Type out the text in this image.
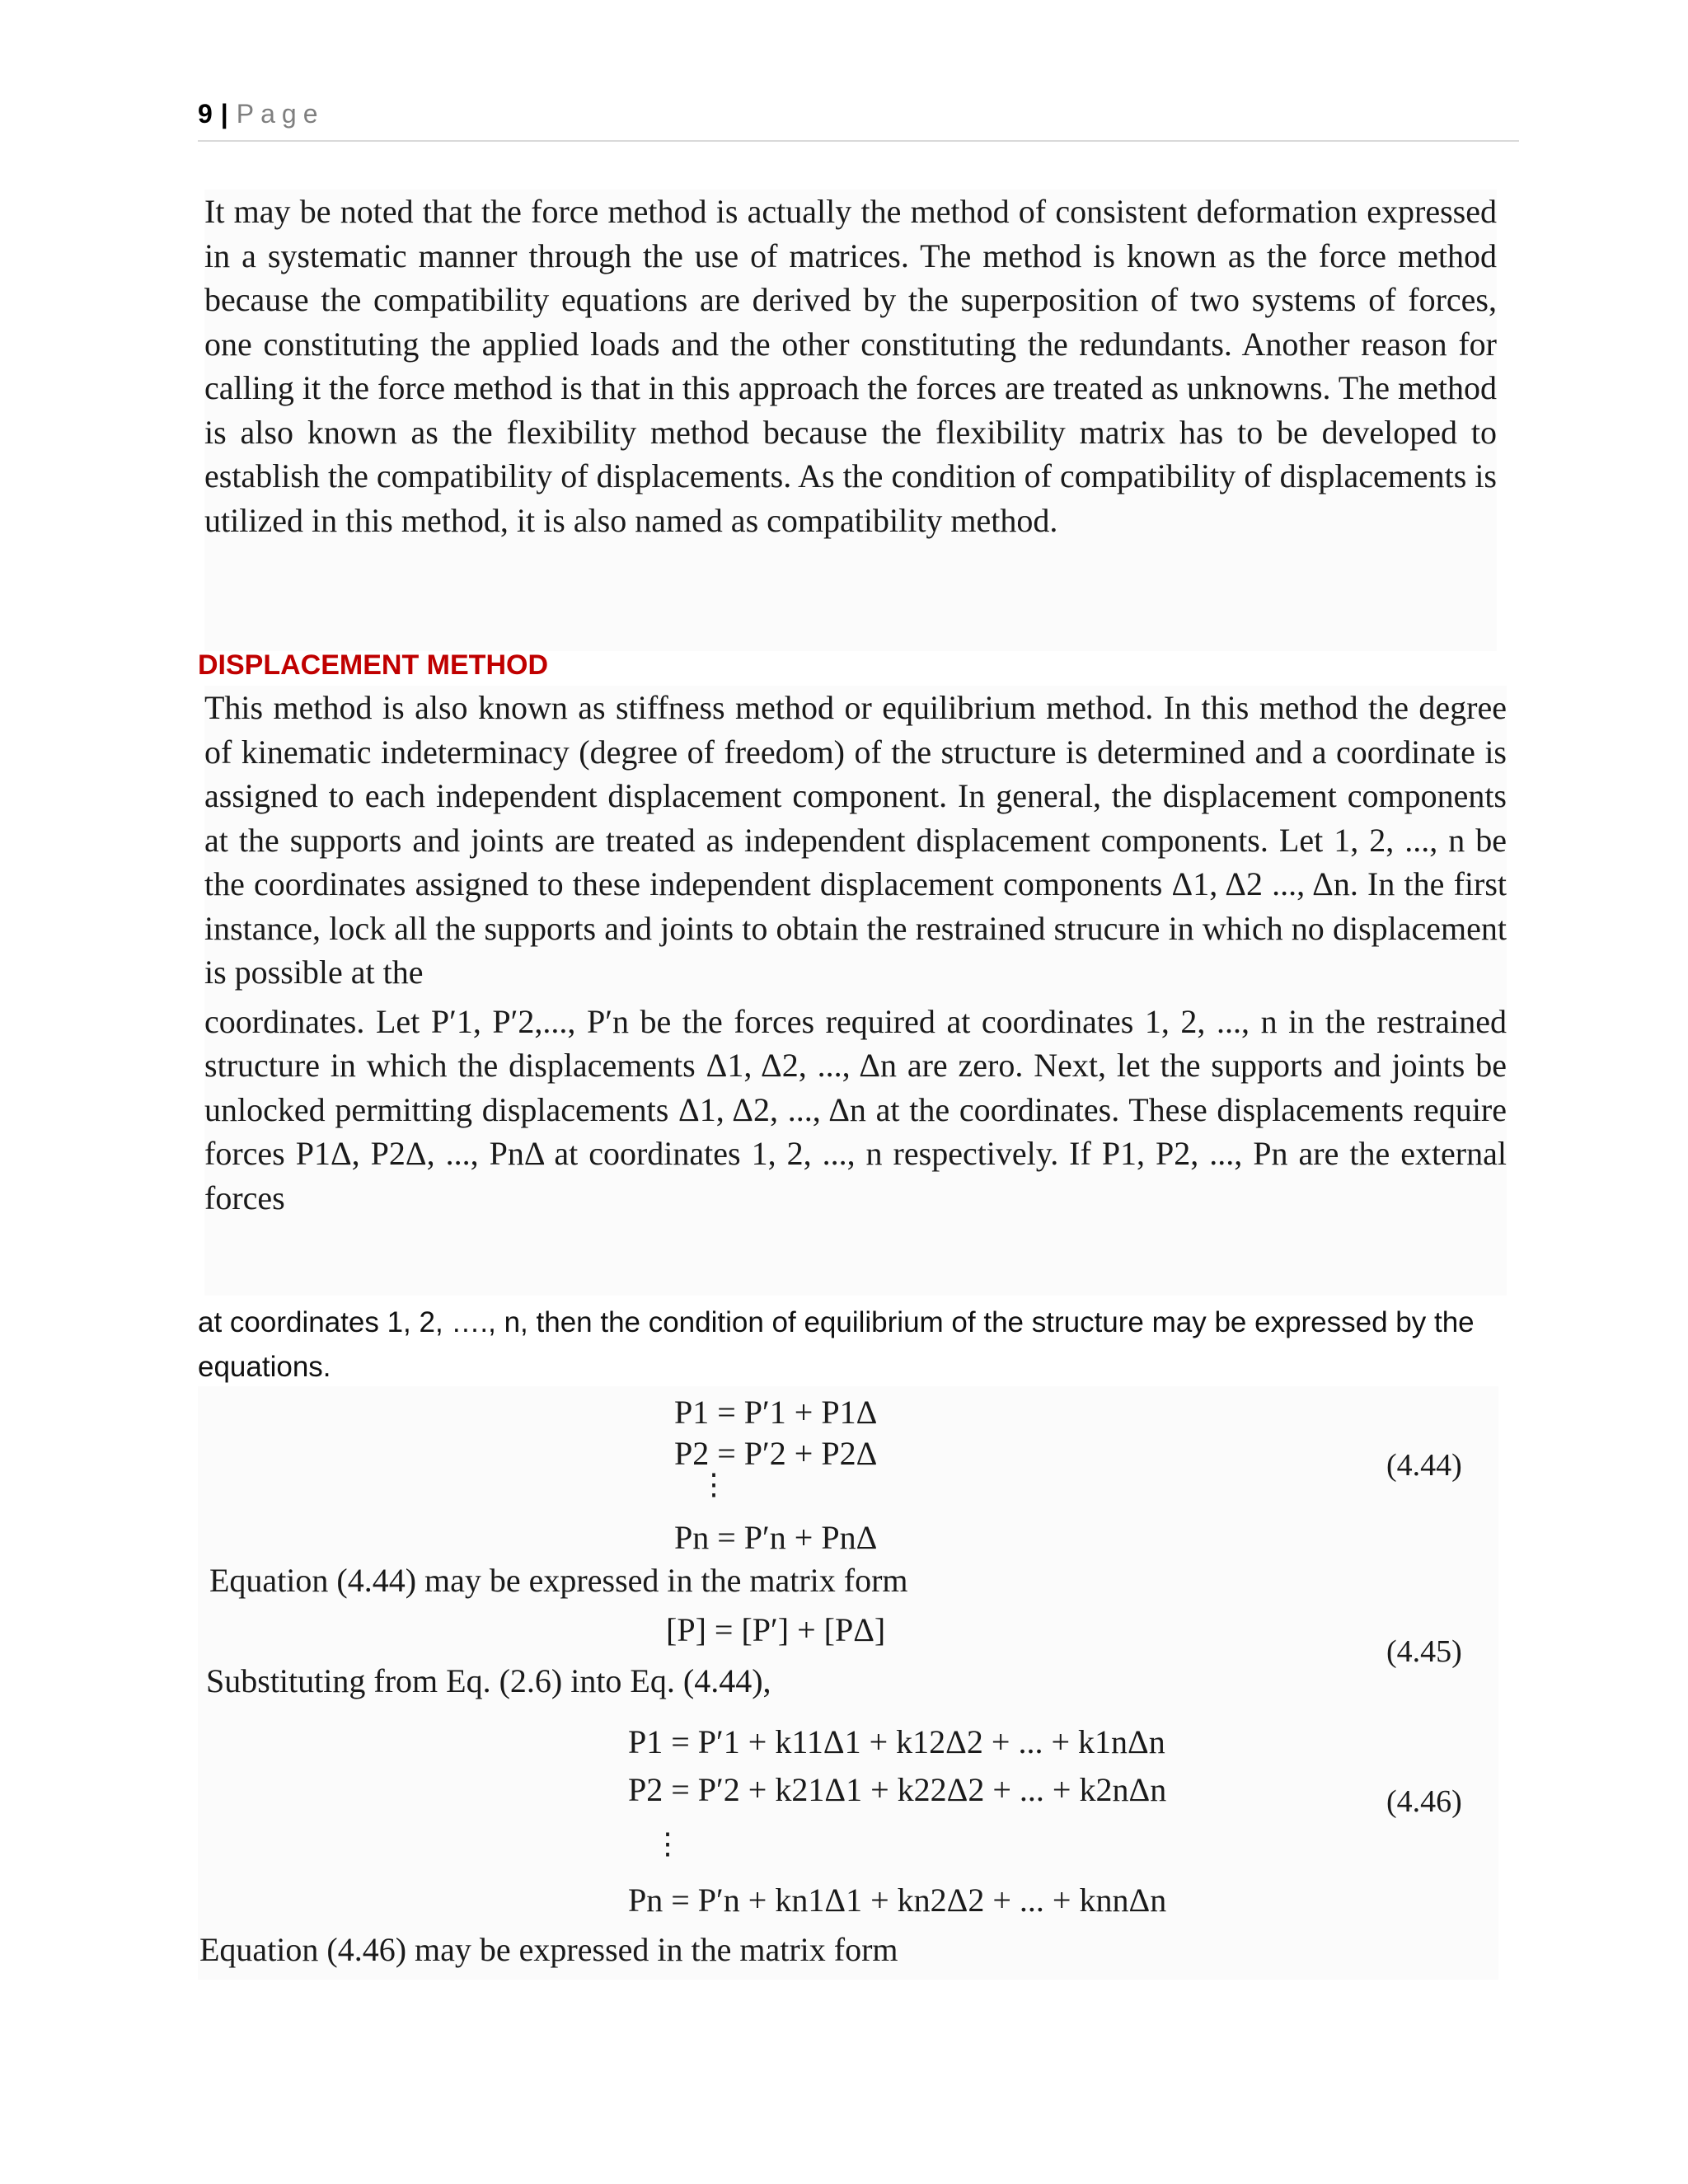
9 | Page

It may be noted that the force method is actually the method of consistent deformation expressed in a systematic manner through the use of matrices. The method is known as the force method because the compatibility equations are derived by the superposition of two systems of forces, one constituting the applied loads and the other constituting the redundants. Another reason for calling it the force method is that in this approach the forces are treated as unknowns. The method is also known as the flexibility method because the flexibility matrix has to be developed to establish the compatibility of displacements. As the condition of compatibility of displacements is utilized in this method, it is also named as compatibility method.

DISPLACEMENT METHOD

This method is also known as stiffness method or equilibrium method. In this method the degree of kinematic indeterminacy (degree of freedom) of the structure is determined and a coordinate is assigned to each independent displacement component. In general, the displacement components at the supports and joints are treated as independent displacement components. Let 1, 2, ..., n be the coordinates assigned to these independent displacement components Δ1, Δ2 ..., Δn. In the first instance, lock all the supports and joints to obtain the restrained strucure in which no displacement is possible at the

coordinates. Let P′1, P′2,..., P′n be the forces required at coordinates 1, 2, ..., n in the restrained structure in which the displacements Δ1, Δ2, ..., Δn are zero. Next, let the supports and joints be unlocked permitting displacements Δ1, Δ2, ..., Δn at the coordinates. These displacements require forces P1Δ, P2Δ, ..., PnΔ at coordinates 1, 2, ..., n respectively. If P1, P2, ..., Pn are the external forces

at coordinates 1, 2, …., n, then the condition of equilibrium of the structure may be expressed by the equations.
P1 = P′1 + P1Δ
P2 = P′2 + P2Δ
⋮
Pn = P′n + PnΔ
(4.44)
Equation (4.44) may be expressed in the matrix form
[P] = [P′] + [PΔ]
(4.45)
Substituting from Eq. (2.6) into Eq. (4.44),
P1 = P′1 + k11Δ1 + k12Δ2 + ... + k1nΔn
P2 = P′2 + k21Δ1 + k22Δ2 + ... + k2nΔn
⋮
Pn = P′n + kn1Δ1 + kn2Δ2 + ... + knnΔn
(4.46)
Equation (4.46) may be expressed in the matrix form
